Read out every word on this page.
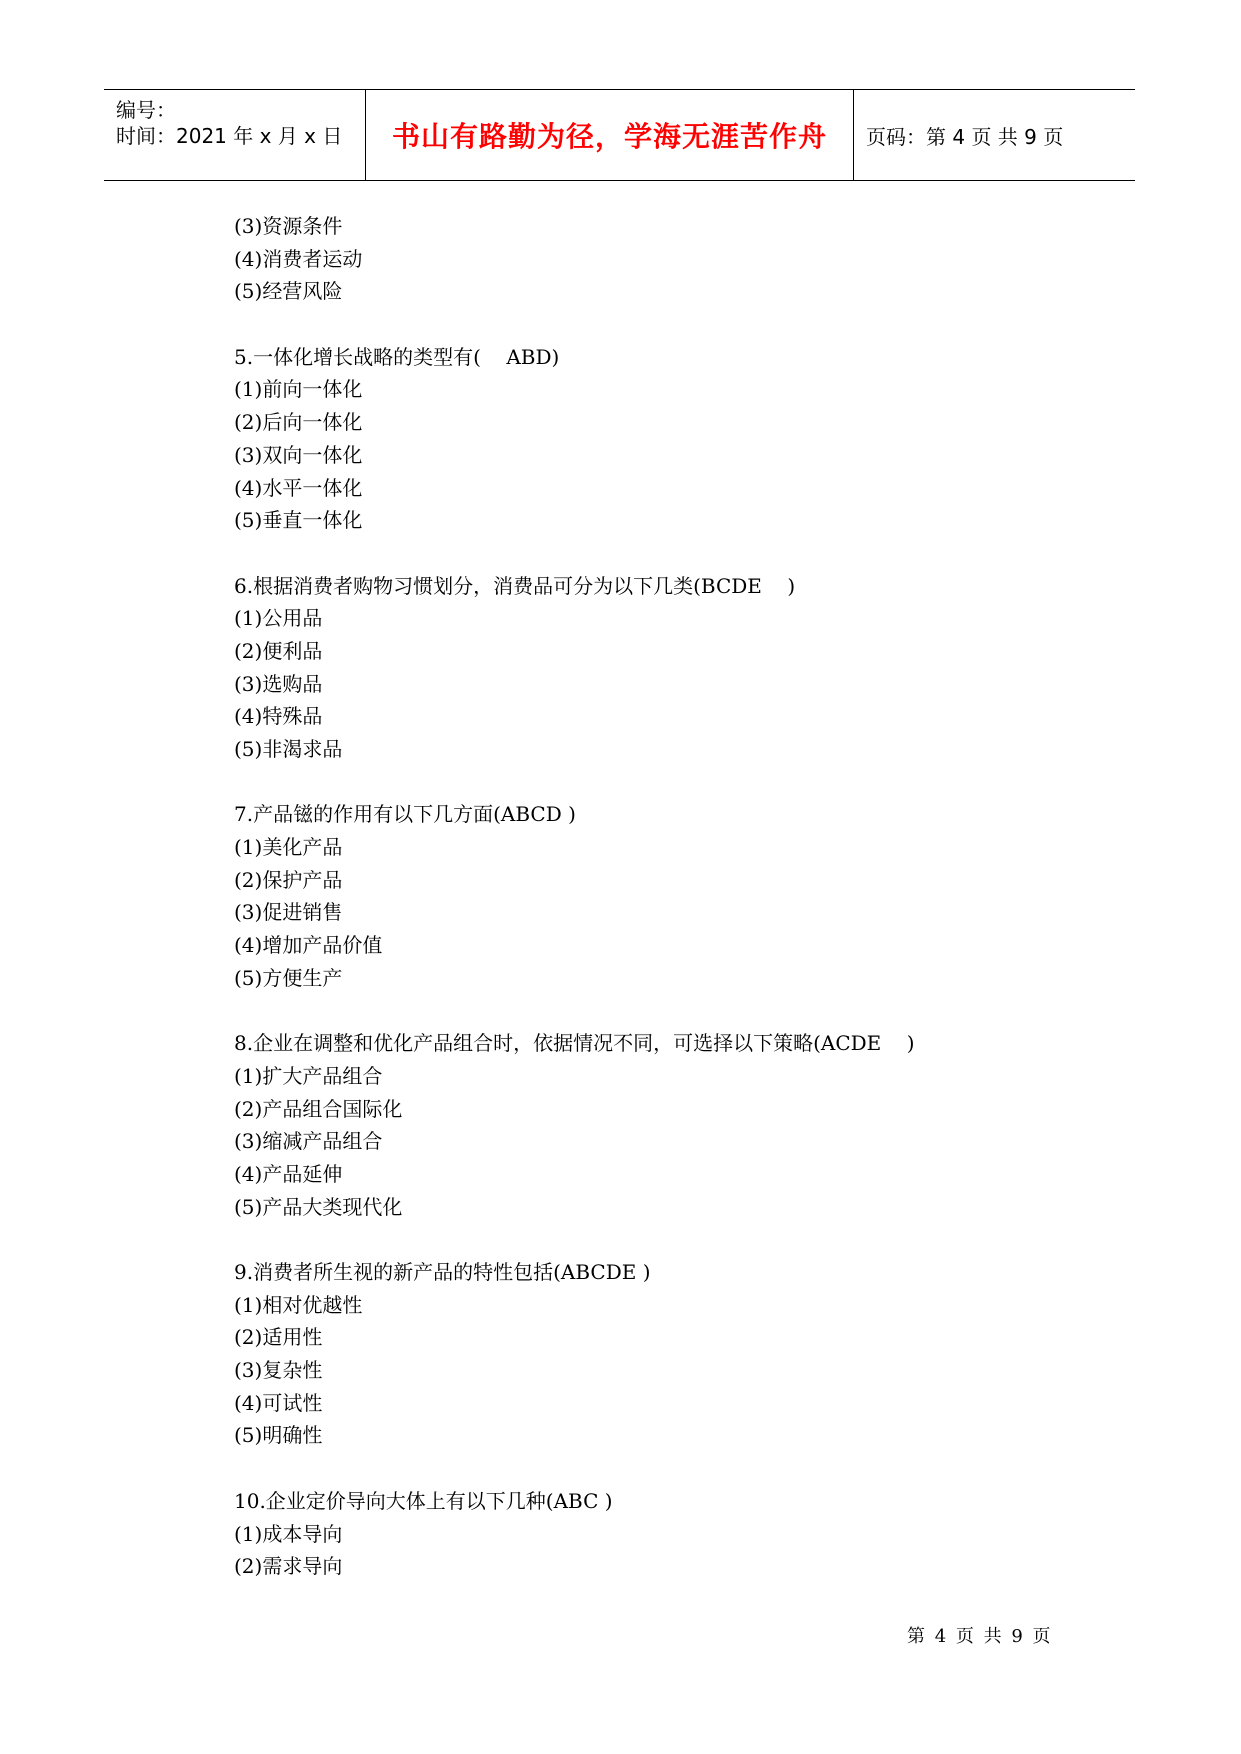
编号：
时间：2021 年 x 月 x 日	书山有路勤为径，学海无涯苦作舟	页码：第 4 页 共 9 页
(3)资源条件
(4)消费者运动
(5)经营风险
5.一体化增长战略的类型有(    ABD)
(1)前向一体化
(2)后向一体化
(3)双向一体化
(4)水平一体化
(5)垂直一体化
6.根据消费者购物习惯划分，消费品可分为以下几类(BCDE    )
(1)公用品
(2)便利品
(3)选购品
(4)特殊品
(5)非渴求品
7.产品镃的作用有以下几方面(ABCD )
(1)美化产品
(2)保护产品
(3)促进销售
(4)增加产品价值
(5)方便生产
8.企业在调整和优化产品组合时，依据情况不同，可选择以下策略(ACDE    )
(1)扩大产品组合
(2)产品组合国际化
(3)缩减产品组合
(4)产品延伸
(5)产品大类现代化
9.消费者所生视的新产品的特性包括(ABCDE )
(1)相对优越性
(2)适用性
(3)复杂性
(4)可试性
(5)明确性
10.企业定价导向大体上有以下几种(ABC )
(1)成本导向
(2)需求导向
第 4 页 共 9 页
